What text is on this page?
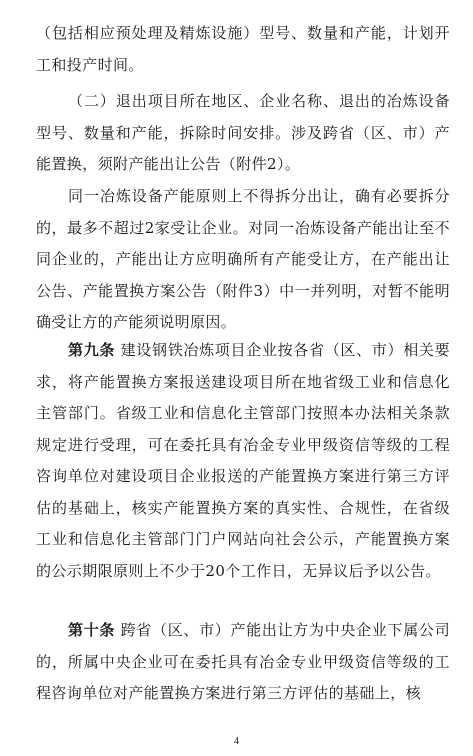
（包括相应预处理及精炼设施）型号、数量和产能，计划开工和投产时间。

（二）退出项目所在地区、企业名称、退出的冶炼设备型号、数量和产能，拆除时间安排。涉及跨省（区、市）产能置换，须附产能出让公告（附件2）。

同一冶炼设备产能原则上不得拆分出让，确有必要拆分的，最多不超过2家受让企业。对同一冶炼设备产能出让至不同企业的，产能出让方应明确所有产能受让方，在产能出让公告、产能置换方案公告（附件3）中一并列明，对暂不能明确受让方的产能须说明原因。

第九条 建设钢铁冶炼项目企业按各省（区、市）相关要求，将产能置换方案报送建设项目所在地省级工业和信息化主管部门。省级工业和信息化主管部门按照本办法相关条款规定进行受理，可在委托具有冶金专业甲级资信等级的工程咨询单位对建设项目企业报送的产能置换方案进行第三方评估的基础上，核实产能置换方案的真实性、合规性，在省级工业和信息化主管部门门户网站向社会公示，产能置换方案的公示期限原则上不少于20个工作日，无异议后予以公告。

第十条 跨省（区、市）产能出让方为中央企业下属公司的，所属中央企业可在委托具有冶金专业甲级资信等级的工程咨询单位对产能置换方案进行第三方评估的基础上，核

4
